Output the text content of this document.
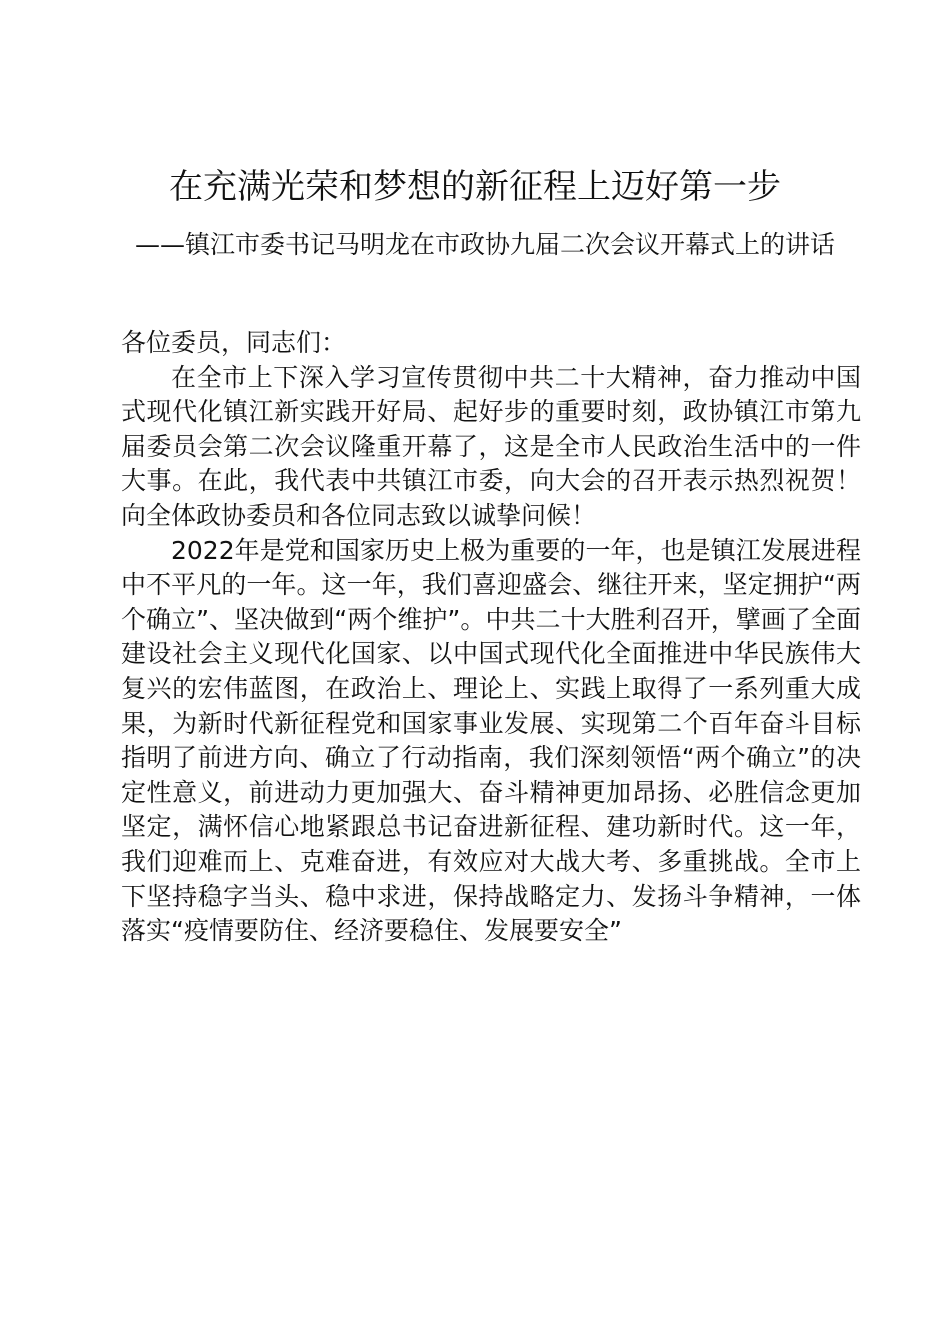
在充满光荣和梦想的新征程上迈好第一步
——镇江市委书记马明龙在市政协九届二次会议开幕式上的讲话

各位委员，同志们：

在全市上下深入学习宣传贯彻中共二十大精神，奋力推动中国式现代化镇江新实践开好局、起好步的重要时刻，政协镇江市第九届委员会第二次会议隆重开幕了，这是全市人民政治生活中的一件大事。在此，我代表中共镇江市委，向大会的召开表示热烈祝贺！向全体政协委员和各位同志致以诚挚问候！

2022年是党和国家历史上极为重要的一年，也是镇江发展进程中不平凡的一年。这一年，我们喜迎盛会、继往开来，坚定拥护“两个确立”、坚决做到“两个维护”。中共二十大胜利召开，擘画了全面建设社会主义现代化国家、以中国式现代化全面推进中华民族伟大复兴的宏伟蓝图，在政治上、理论上、实践上取得了一系列重大成果，为新时代新征程党和国家事业发展、实现第二个百年奋斗目标指明了前进方向、确立了行动指南，我们深刻领悟“两个确立”的决定性意义，前进动力更加强大、奋斗精神更加昂扬、必胜信念更加坚定，满怀信心地紧跟总书记奋进新征程、建功新时代。这一年，我们迎难而上、克难奋进，有效应对大战大考、多重挑战。全市上下坚持稳字当头、稳中求进，保持战略定力、发扬斗争精神，一体落实“疫情要防住、经济要稳住、发展要安全”
